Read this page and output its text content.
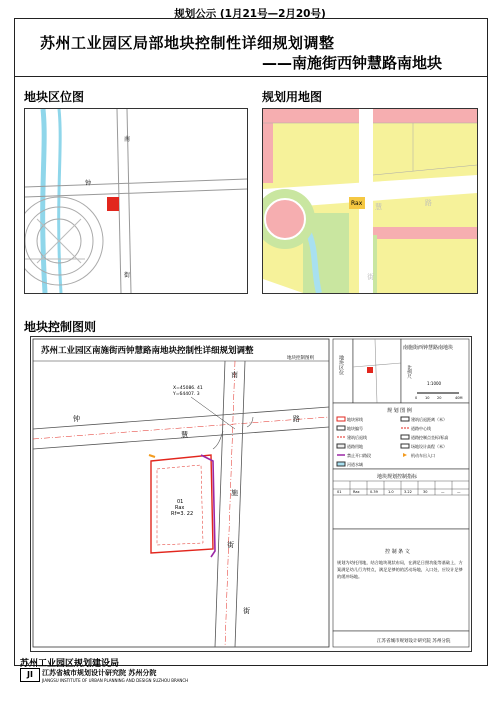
规划公示 (1月21号—2月20号)
苏州工业园区局部地块控制性详细规划调整
——南施街西钟慧路南地块
地块区位图
南
钟
街
规划用地图
Rax 慧	路
街
地块控制图则
苏州工业园区南施街西钟慧路南地块控制性详细规划调整
地块控制图则
X=45086. 41
Y=64407. 3
南
钟
慧
路
施
街
街
01
Rax
Rf=3. 22
地块区位
南施街西钟慧路南地块
比例尺
1:1000
0 10 20	40M
规 划 图 例
地块界线	建筑后退距离（米）
地块编号	道路中心线
建筑后退线	道路控制点坐标/标高
道路用地	场地设计高程（米）
禁止开口路段	机动车出入口
河道水域
地块规划控制指标
01	Rax	0.39	1.0	3.22	30	—	—
控 制 条 文
规划为幼托用地，结合地块现状布局，在满足日照功能等基础上，方案满足幼儿行为特点，满足足够的的活动场地，入口处，应设计足够的缓冲场地。
江苏省城市规划设计研究院 苏州分院
苏州工业园区规划建设局
JI	江苏省城市规划设计研究院 苏州分院
JIANGSU INSTITUTE OF URBAN PLANNING AND DESIGN SUZHOU BRANCH
